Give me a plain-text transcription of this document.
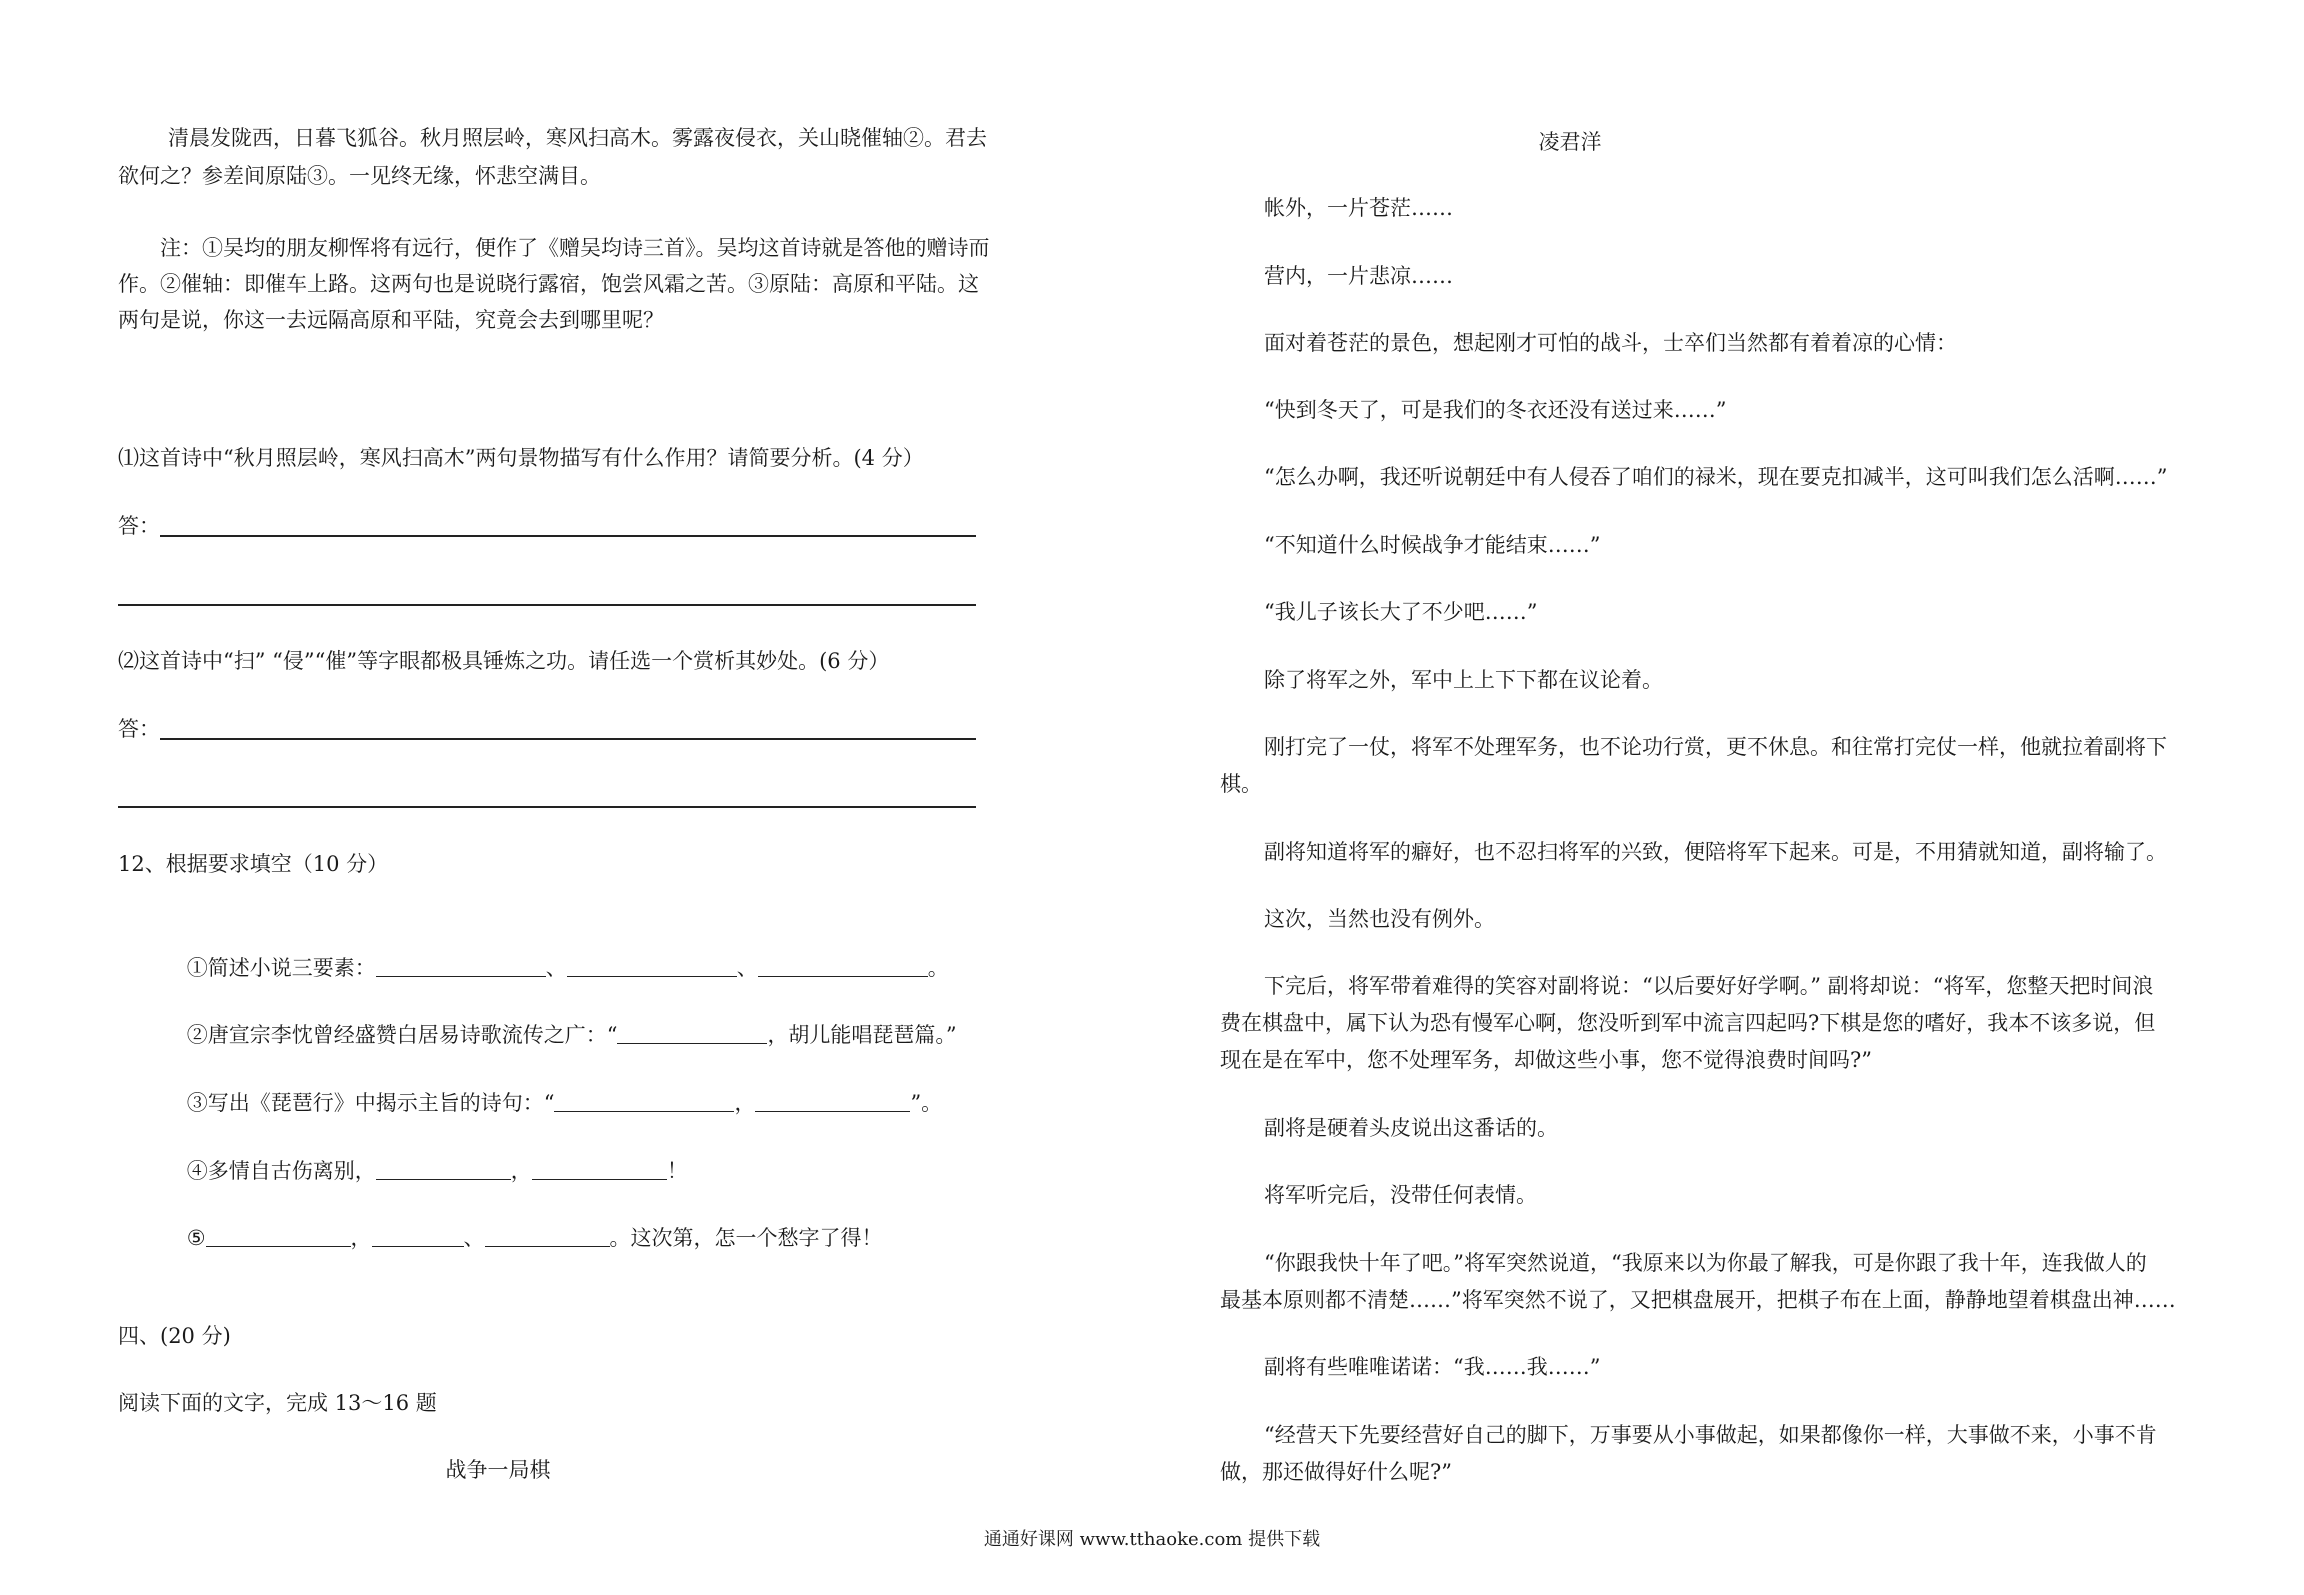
清晨发陇西，日暮飞狐谷。秋月照层岭，寒风扫高木。雾露夜侵衣，关山晓催轴②。君去
欲何之？参差间原陆③。一见终无缘，怀悲空满目。
注：①吴均的朋友柳恽将有远行，便作了《赠吴均诗三首》。吴均这首诗就是答他的赠诗而
作。②催轴：即催车上路。这两句也是说晓行露宿，饱尝风霜之苦。③原陆：高原和平陆。这
两句是说，你这一去远隔高原和平陆，究竟会去到哪里呢？
⑴这首诗中“秋月照层岭，寒风扫高木”两句景物描写有什么作用？请简要分析。(4 分）
答：
⑵这首诗中“扫” “侵”“催”等字眼都极具锤炼之功。请任选一个赏析其妙处。(6 分）
答：
12、根据要求填空（10 分）

①简述小说三要素：	、	、	。

②唐宣宗李忱曾经盛赞白居易诗歌流传之广：“	，胡儿能唱琵琶篇。”

③写出《琵琶行》中揭示主旨的诗句：“	，	”。

④多情自古伤离别，	，	！

⑤	，	、	。这次第，怎一个愁字了得！

四、(20 分)
阅读下面的文字，完成 13～16 题
战争一局棋
凌君洋
帐外，一片苍茫……
营内，一片悲凉……
面对着苍茫的景色，想起刚才可怕的战斗，士卒们当然都有着着凉的心情：
“快到冬天了，可是我们的冬衣还没有送过来……”
“怎么办啊，我还听说朝廷中有人侵吞了咱们的禄米，现在要克扣减半，这可叫我们怎么活啊……”
“不知道什么时候战争才能结束……”
“我儿子该长大了不少吧……”
除了将军之外，军中上上下下都在议论着。
刚打完了一仗，将军不处理军务，也不论功行赏，更不休息。和往常打完仗一样，他就拉着副将下
棋。
副将知道将军的癖好，也不忍扫将军的兴致，便陪将军下起来。可是，不用猜就知道，副将输了。
这次，当然也没有例外。
下完后，将军带着难得的笑容对副将说：“以后要好好学啊。” 副将却说：“将军，您整天把时间浪
费在棋盘中，属下认为恐有慢军心啊，您没听到军中流言四起吗?下棋是您的嗜好，我本不该多说，但
现在是在军中，您不处理军务，却做这些小事，您不觉得浪费时间吗?”
副将是硬着头皮说出这番话的。
将军听完后，没带任何表情。
“你跟我快十年了吧。”将军突然说道，“我原来以为你最了解我，可是你跟了我十年，连我做人的
最基本原则都不清楚……”将军突然不说了，又把棋盘展开，把棋子布在上面，静静地望着棋盘出神……
副将有些唯唯诺诺：“我……我……”
“经营天下先要经营好自己的脚下，万事要从小事做起，如果都像你一样，大事做不来，小事不肯
做，那还做得好什么呢?”
通通好课网 www.tthaoke.com 提供下载
